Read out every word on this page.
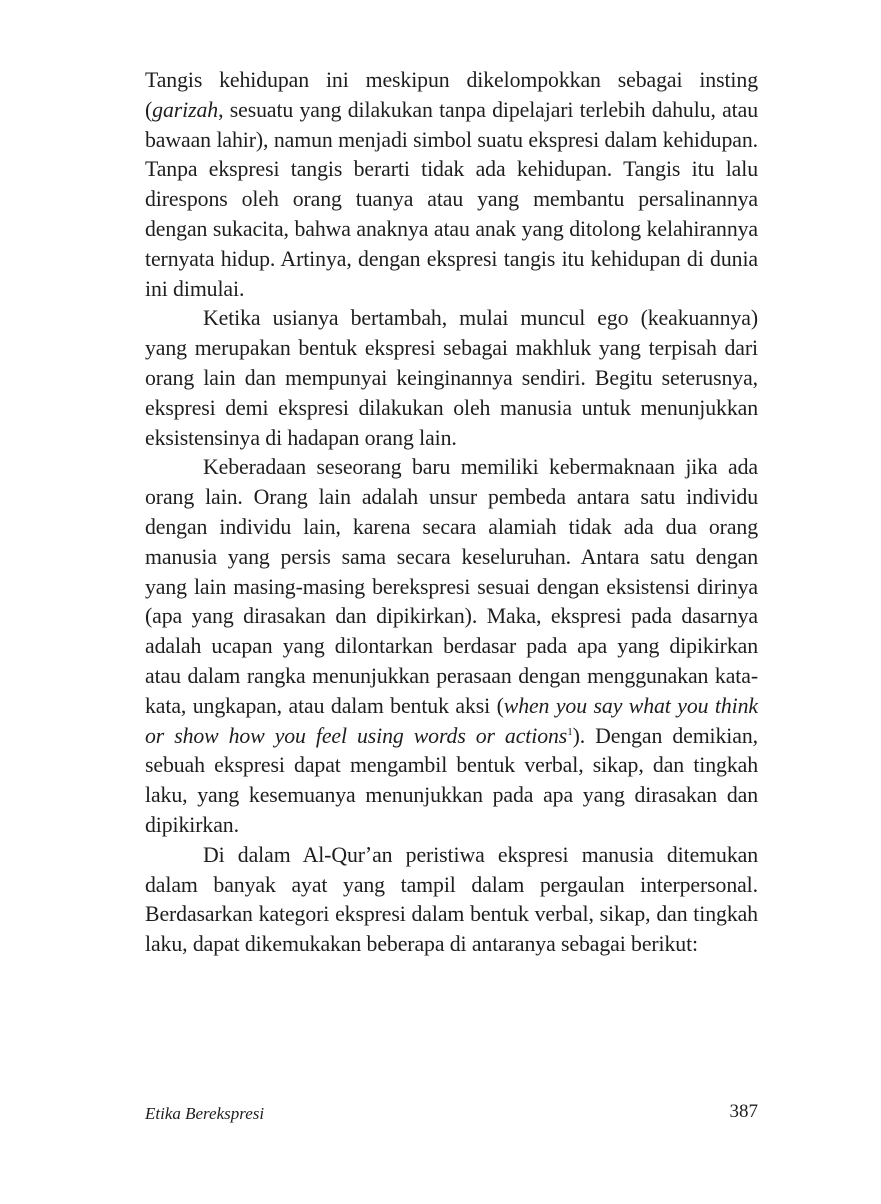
Tangis kehidupan ini meskipun dikelompokkan sebagai insting (garizah, sesuatu yang dilakukan tanpa dipelajari terlebih dahulu, atau bawaan lahir), namun menjadi simbol suatu ekspresi dalam kehidupan. Tanpa ekspresi tangis berarti tidak ada kehidupan. Tangis itu lalu direspons oleh orang tuanya atau yang membantu persalinannya dengan sukacita, bahwa anaknya atau anak yang ditolong kelahirannya ternyata hidup. Artinya, dengan ekspresi tangis itu kehidupan di dunia ini dimulai.

Ketika usianya bertambah, mulai muncul ego (keakuannya) yang merupakan bentuk ekspresi sebagai makhluk yang terpisah dari orang lain dan mempunyai keinginannya sendiri. Begitu seterusnya, ekspresi demi ekspresi dilakukan oleh manusia untuk menunjukkan eksistensinya di hadapan orang lain.

Keberadaan seseorang baru memiliki kebermaknaan jika ada orang lain. Orang lain adalah unsur pembeda antara satu individu dengan individu lain, karena secara alamiah tidak ada dua orang manusia yang persis sama secara keseluruhan. Antara satu dengan yang lain masing-masing berekspresi sesuai dengan eksistensi dirinya (apa yang dirasakan dan dipikirkan). Maka, ekspresi pada dasarnya adalah ucapan yang dilontarkan berdasar pada apa yang dipikirkan atau dalam rangka menunjukkan perasaan dengan menggunakan kata-kata, ungkapan, atau dalam bentuk aksi (when you say what you think or show how you feel using words or actions$^1$). Dengan demikian, sebuah ekspresi dapat mengambil bentuk verbal, sikap, dan tingkah laku, yang kesemuanya menunjukkan pada apa yang dirasakan dan dipikirkan.

Di dalam Al-Qurʼan peristiwa ekspresi manusia ditemukan dalam banyak ayat yang tampil dalam pergaulan interpersonal. Berdasarkan kategori ekspresi dalam bentuk verbal, sikap, dan tingkah laku, dapat dikemukakan beberapa di antaranya sebagai berikut:

Etika Berekspresi	387
